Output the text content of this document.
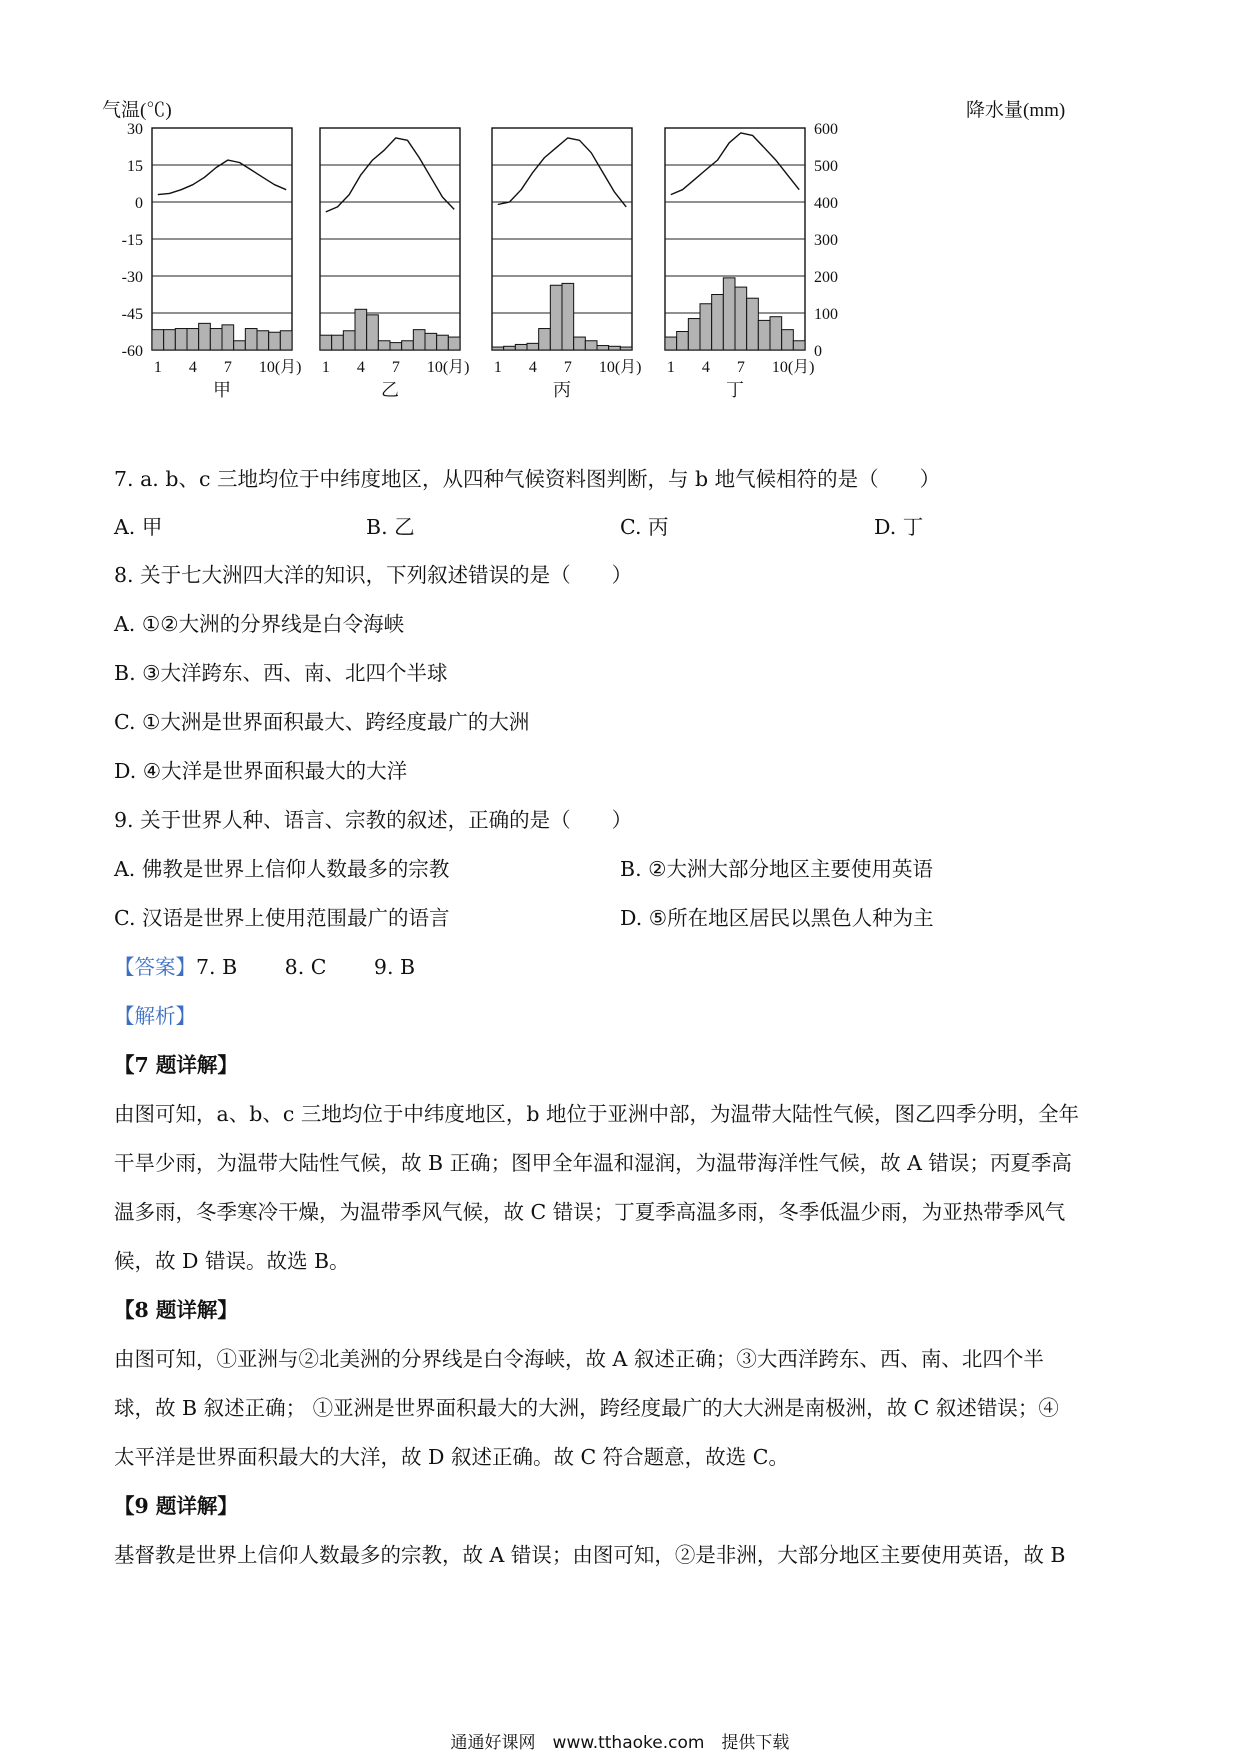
气温(℃)	降水量(mm)
30
15
0
-15
-30
-45
-60
600
500
400
300
200
100
0
1 4 7 10(月)
甲
1 4 7 10(月)
乙
1 4 7 10(月)
丙
1 4 7 10(月)
丁
7. a. b、c 三地均位于中纬度地区，从四种气候资料图判断，与 b 地气候相符的是（　　）
A. 甲	B. 乙	C. 丙	D. 丁
8. 关于七大洲四大洋的知识，下列叙述错误的是（　　）
A. ①②大洲的分界线是白令海峡
B. ③大洋跨东、西、南、北四个半球
C. ①大洲是世界面积最大、跨经度最广的大洲
D. ④大洋是世界面积最大的大洋
9. 关于世界人种、语言、宗教的叙述，正确的是（　　）
A. 佛教是世界上信仰人数最多的宗教	B. ②大洲大部分地区主要使用英语
C. 汉语是世界上使用范围最广的语言	D. ⑤所在地区居民以黑色人种为主
【答案】7. B　　 8. C　　 9. B
【解析】
【7 题详解】
由图可知，a、b、c 三地均位于中纬度地区，b 地位于亚洲中部，为温带大陆性气候，图乙四季分明，全年
干旱少雨，为温带大陆性气候，故 B 正确；图甲全年温和湿润，为温带海洋性气候，故 A 错误；丙夏季高
温多雨，冬季寒冷干燥，为温带季风气候，故 C 错误；丁夏季高温多雨，冬季低温少雨，为亚热带季风气
候，故 D 错误。故选 B。
【8 题详解】
由图可知，①亚洲与②北美洲的分界线是白令海峡，故 A 叙述正确；③大西洋跨东、西、南、北四个半
球，故 B 叙述正确； ①亚洲是世界面积最大的大洲，跨经度最广的大大洲是南极洲，故 C 叙述错误；④
太平洋是世界面积最大的大洋，故 D 叙述正确。故 C 符合题意，故选 C。
【9 题详解】
基督教是世界上信仰人数最多的宗教，故 A 错误；由图可知，②是非洲，大部分地区主要使用英语，故 B
通通好课网　www.tthaoke.com　提供下载
